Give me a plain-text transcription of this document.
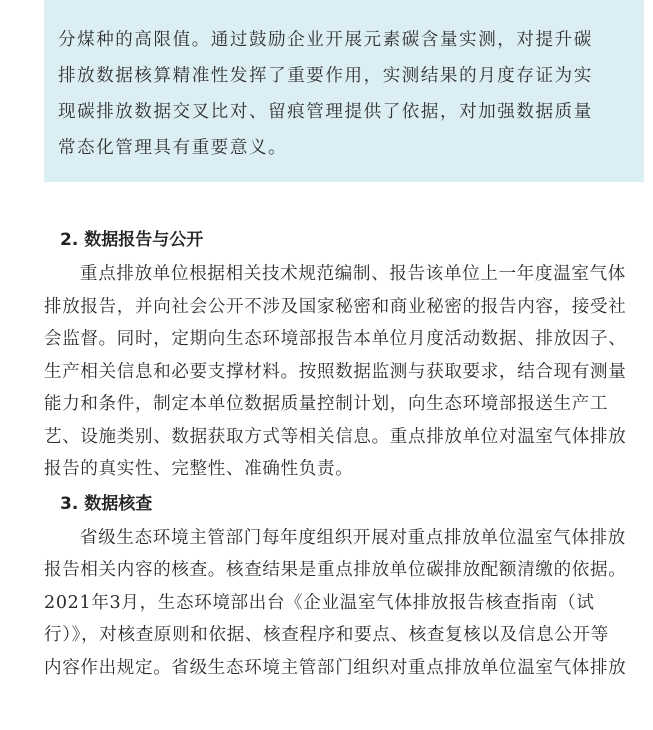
分煤种的高限值。通过鼓励企业开展元素碳含量实测，对提升碳
排放数据核算精准性发挥了重要作用，实测结果的月度存证为实
现碳排放数据交叉比对、留痕管理提供了依据，对加强数据质量
常态化管理具有重要意义。
2. 数据报告与公开
重点排放单位根据相关技术规范编制、报告该单位上一年度温室气体
排放报告，并向社会公开不涉及国家秘密和商业秘密的报告内容，接受社
会监督。同时，定期向生态环境部报告本单位月度活动数据、排放因子、
生产相关信息和必要支撑材料。按照数据监测与获取要求，结合现有测量
能力和条件，制定本单位数据质量控制计划，向生态环境部报送生产工
艺、设施类别、数据获取方式等相关信息。重点排放单位对温室气体排放
报告的真实性、完整性、准确性负责。
3. 数据核查
省级生态环境主管部门每年度组织开展对重点排放单位温室气体排放
报告相关内容的核查。核查结果是重点排放单位碳排放配额清缴的依据。
2021年3月，生态环境部出台《企业温室气体排放报告核查指南（试
行）》，对核查原则和依据、核查程序和要点、核查复核以及信息公开等
内容作出规定。省级生态环境主管部门组织对重点排放单位温室气体排放
